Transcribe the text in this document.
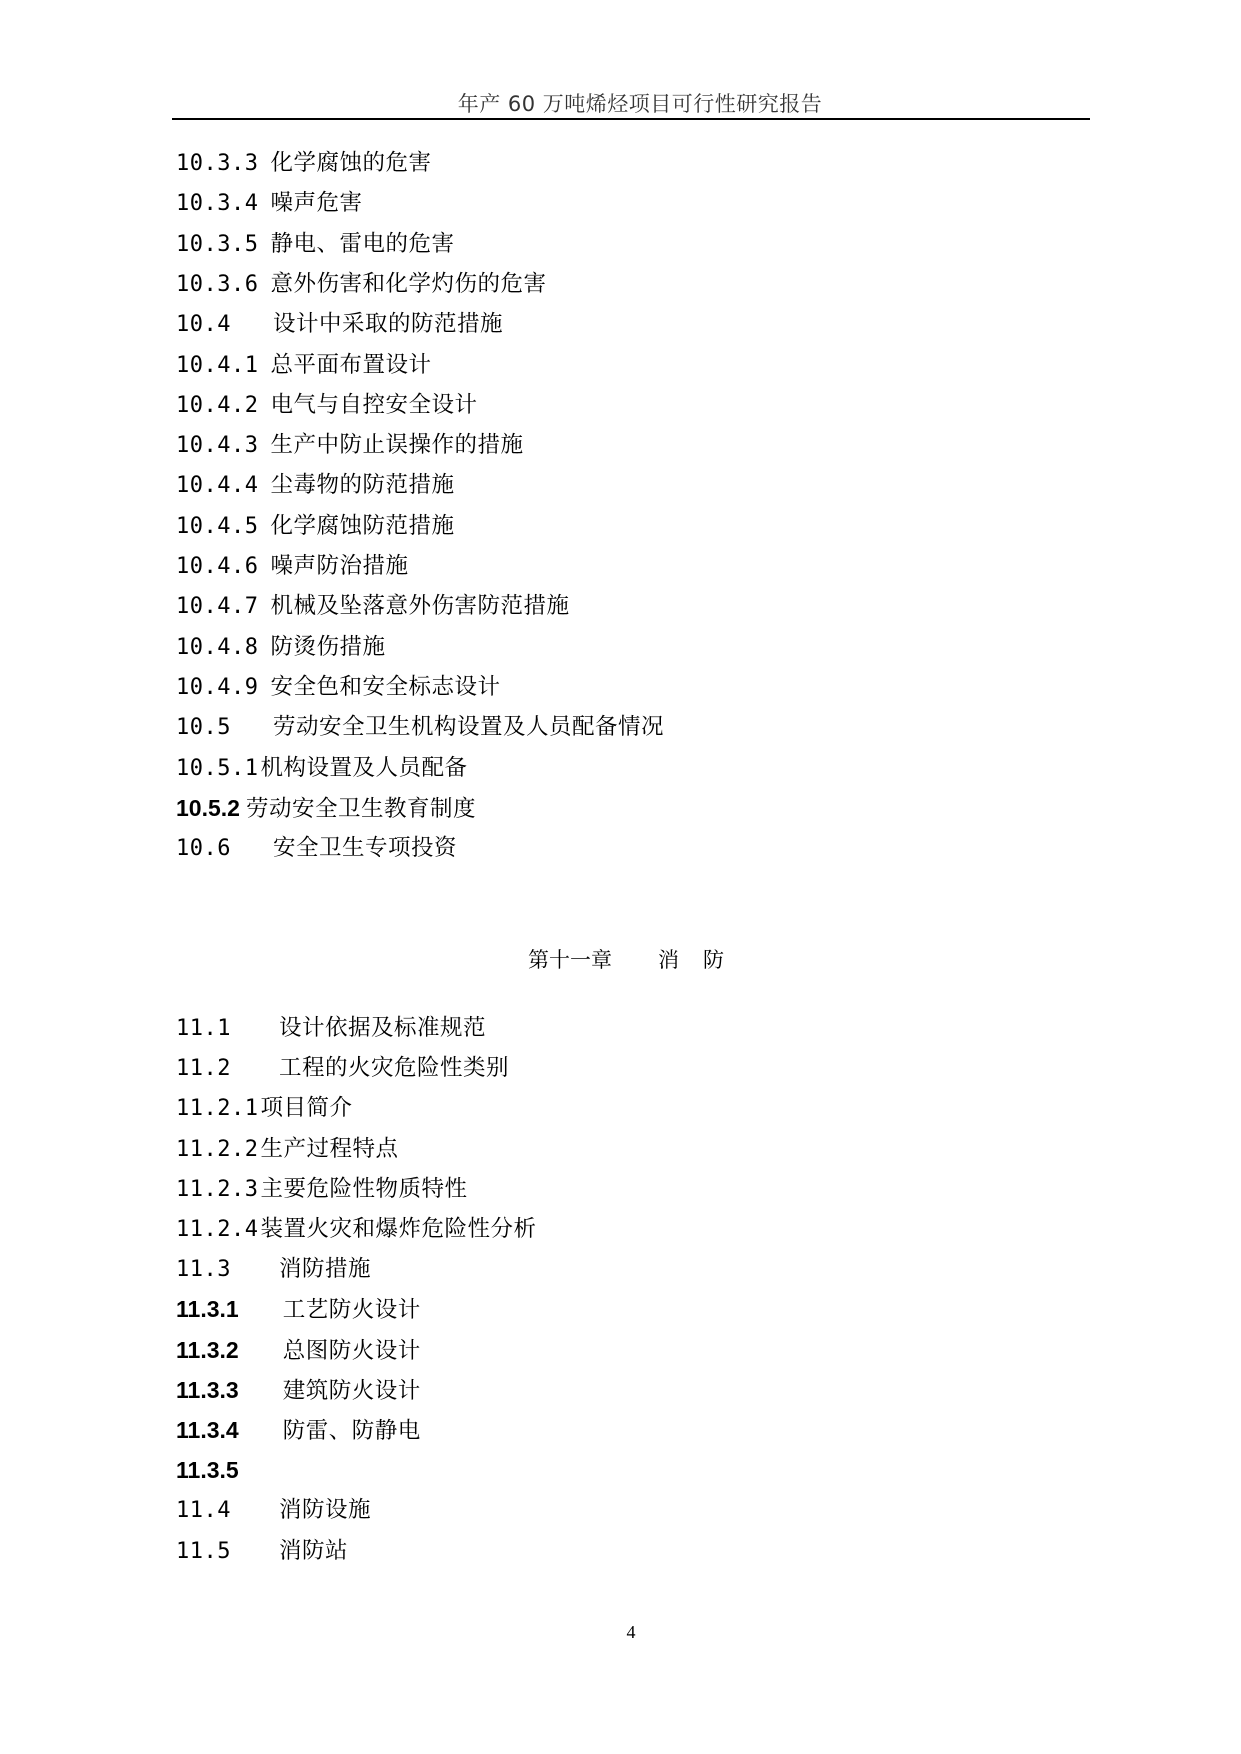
年产 60 万吨烯烃项目可行性研究报告
10.3.3 化学腐蚀的危害
10.3.4 噪声危害
10.3.5 静电、雷电的危害
10.3.6 意外伤害和化学灼伤的危害
10.4 设计中采取的防范措施
10.4.1 总平面布置设计
10.4.2 电气与自控安全设计
10.4.3 生产中防止误操作的措施
10.4.4 尘毒物的防范措施
10.4.5 化学腐蚀防范措施
10.4.6 噪声防治措施
10.4.7 机械及坠落意外伤害防范措施
10.4.8 防烫伤措施
10.4.9 安全色和安全标志设计
10.5 劳动安全卫生机构设置及人员配备情况
10.5.1机构设置及人员配备
10.5.2 劳动安全卫生教育制度
10.6 安全卫生专项投资
第十一章 消防
11.1 设计依据及标准规范
11.2 工程的火灾危险性类别
11.2.1项目简介
11.2.2生产过程特点
11.2.3主要危险性物质特性
11.2.4装置火灾和爆炸危险性分析
11.3 消防措施
11.3.1 工艺防火设计
11.3.2 总图防火设计
11.3.3 建筑防火设计
11.3.4 防雷、防静电
11.3.5
11.4 消防设施
11.5 消防站
4
